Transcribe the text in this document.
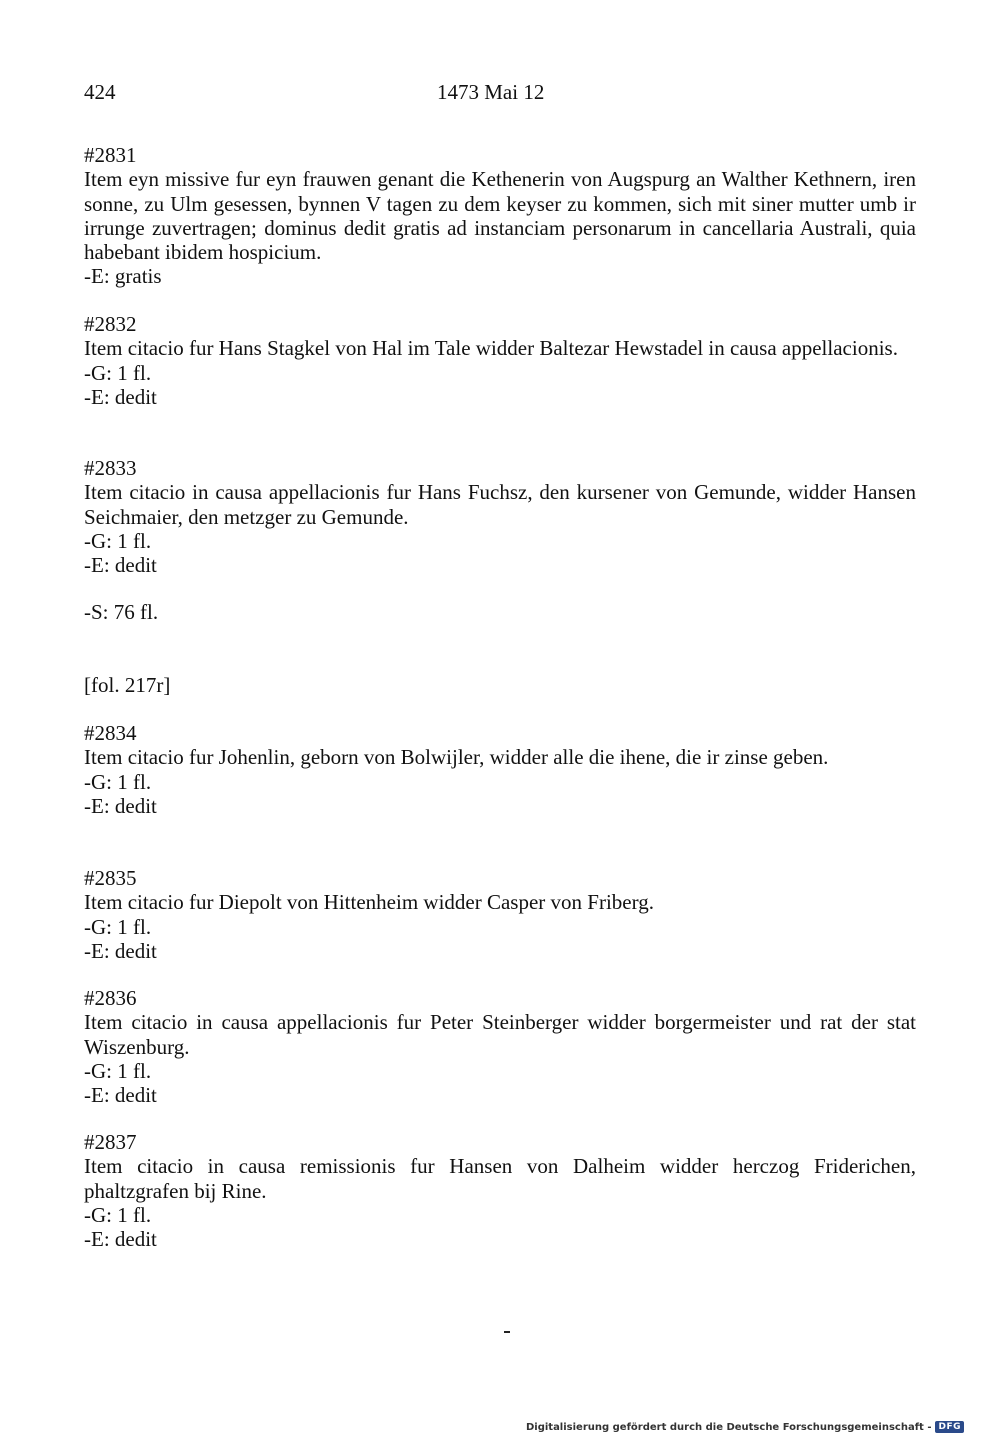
424	1473 Mai 12
#2831
Item eyn missive fur eyn frauwen genant die Kethenerin von Augspurg an Walther Kethnern, iren sonne, zu Ulm gesessen, bynnen V tagen zu dem keyser zu kommen, sich mit siner mutter umb ir irrunge zuvertragen; dominus dedit gratis ad instanciam personarum in cancellaria Australi, quia habebant ibidem hospicium.
-E: gratis
#2832
Item citacio fur Hans Stagkel von Hal im Tale widder Baltezar Hewstadel in causa appellacionis.
-G: 1 fl.
-E: dedit
#2833
Item citacio in causa appellacionis fur Hans Fuchsz, den kursener von Gemunde, widder Hansen Seichmaier, den metzger zu Gemunde.
-G: 1 fl.
-E: dedit
-S: 76 fl.
[fol. 217r]
#2834
Item citacio fur Johenlin, geborn von Bolwijler, widder alle die ihene, die ir zinse geben.
-G: 1 fl.
-E: dedit
#2835
Item citacio fur Diepolt von Hittenheim widder Casper von Friberg.
-G: 1 fl.
-E: dedit
#2836
Item citacio in causa appellacionis fur Peter Steinberger widder borgermeister und rat der stat Wiszenburg.
-G: 1 fl.
-E: dedit
#2837
Item citacio in causa remissionis fur Hansen von Dalheim widder herczog Friderichen, phaltzgrafen bij Rine.
-G: 1 fl.
-E: dedit
Digitalisierung gefördert durch die Deutsche Forschungsgemeinschaft - DFG
